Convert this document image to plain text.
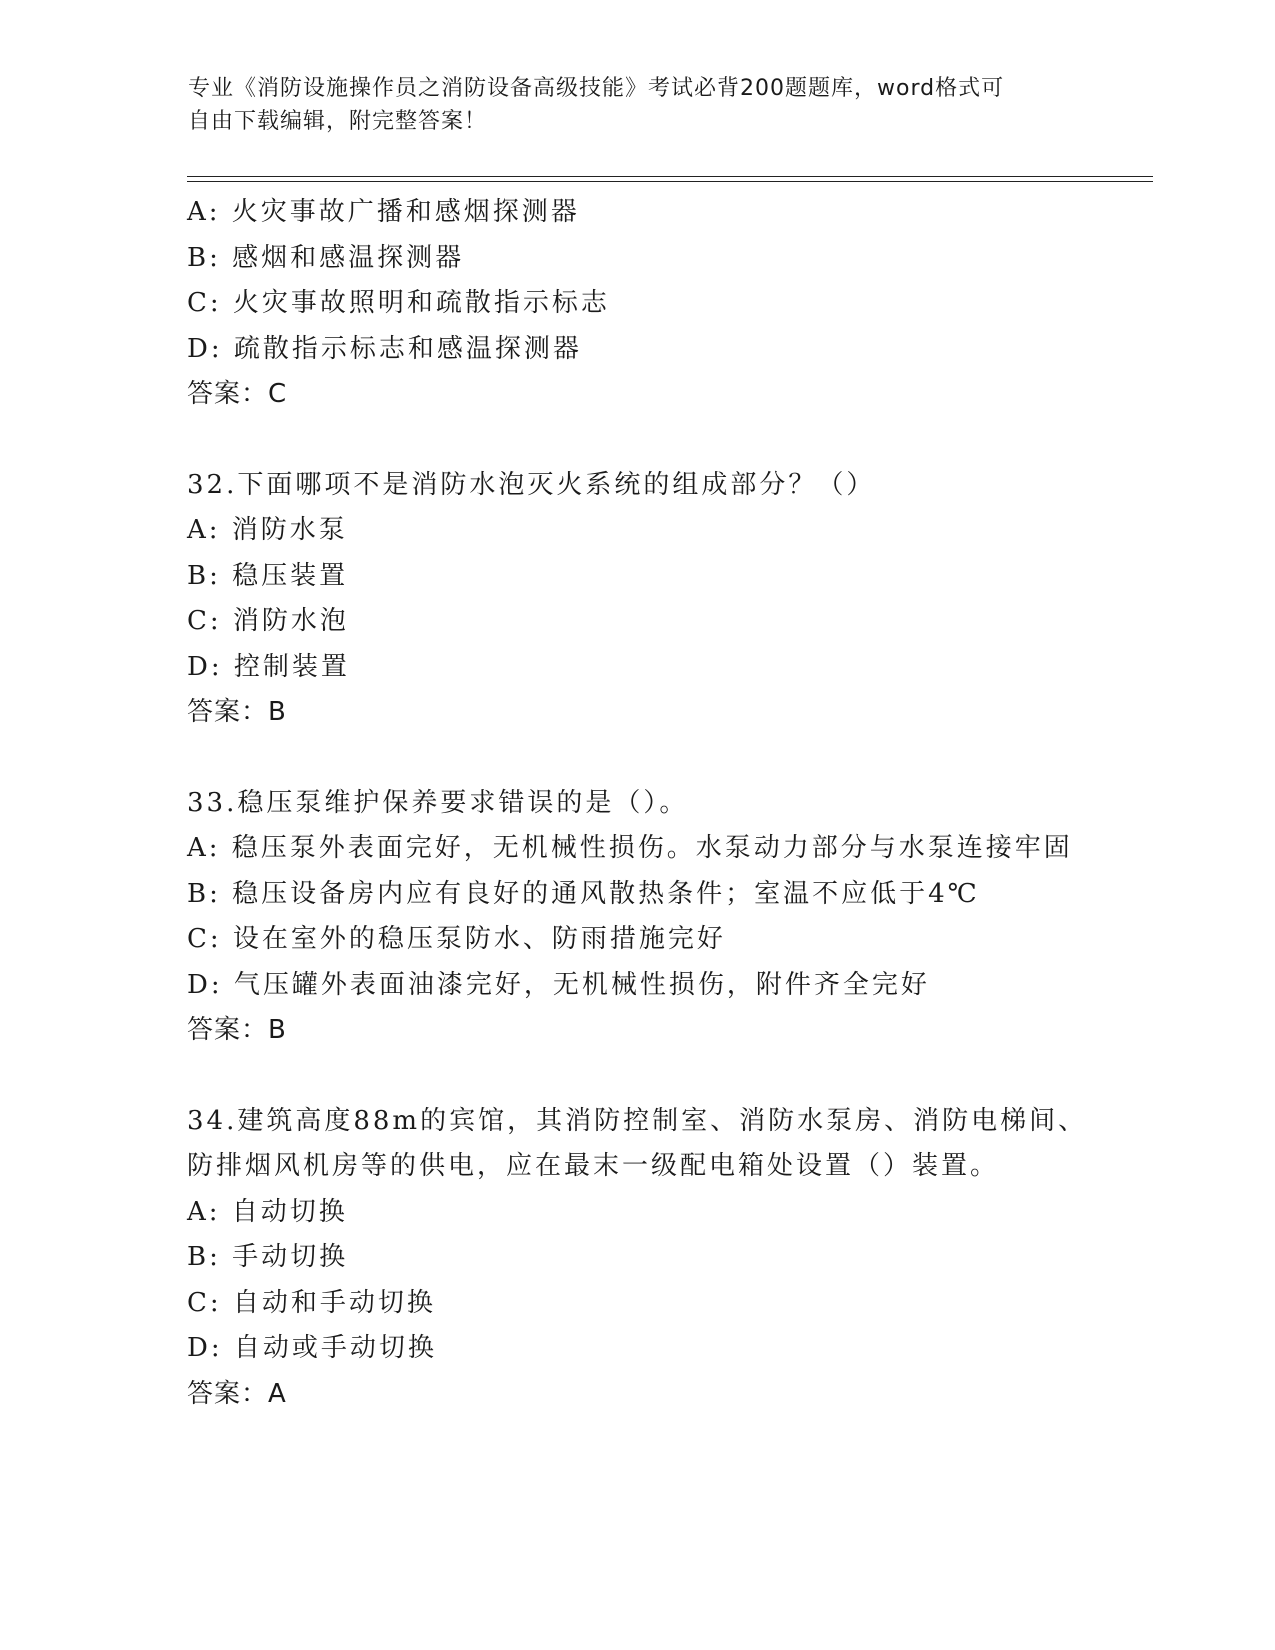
专业《消防设施操作员之消防设备高级技能》考试必背200题题库，word格式可
自由下载编辑，附完整答案！
A: 火灾事故广播和感烟探测器
B: 感烟和感温探测器
C: 火灾事故照明和疏散指示标志
D: 疏散指示标志和感温探测器
答案：C
32.下面哪项不是消防水泡灭火系统的组成部分？（）
A: 消防水泵
B: 稳压装置
C: 消防水泡
D: 控制装置
答案：B
33.稳压泵维护保养要求错误的是（）。
A: 稳压泵外表面完好，无机械性损伤。水泵动力部分与水泵连接牢固
B: 稳压设备房内应有良好的通风散热条件；室温不应低于4℃
C: 设在室外的稳压泵防水、防雨措施完好
D: 气压罐外表面油漆完好，无机械性损伤，附件齐全完好
答案：B
34.建筑高度88m的宾馆，其消防控制室、消防水泵房、消防电梯间、
防排烟风机房等的供电，应在最末一级配电箱处设置（）装置。
A: 自动切换
B: 手动切换
C: 自动和手动切换
D: 自动或手动切换
答案：A
